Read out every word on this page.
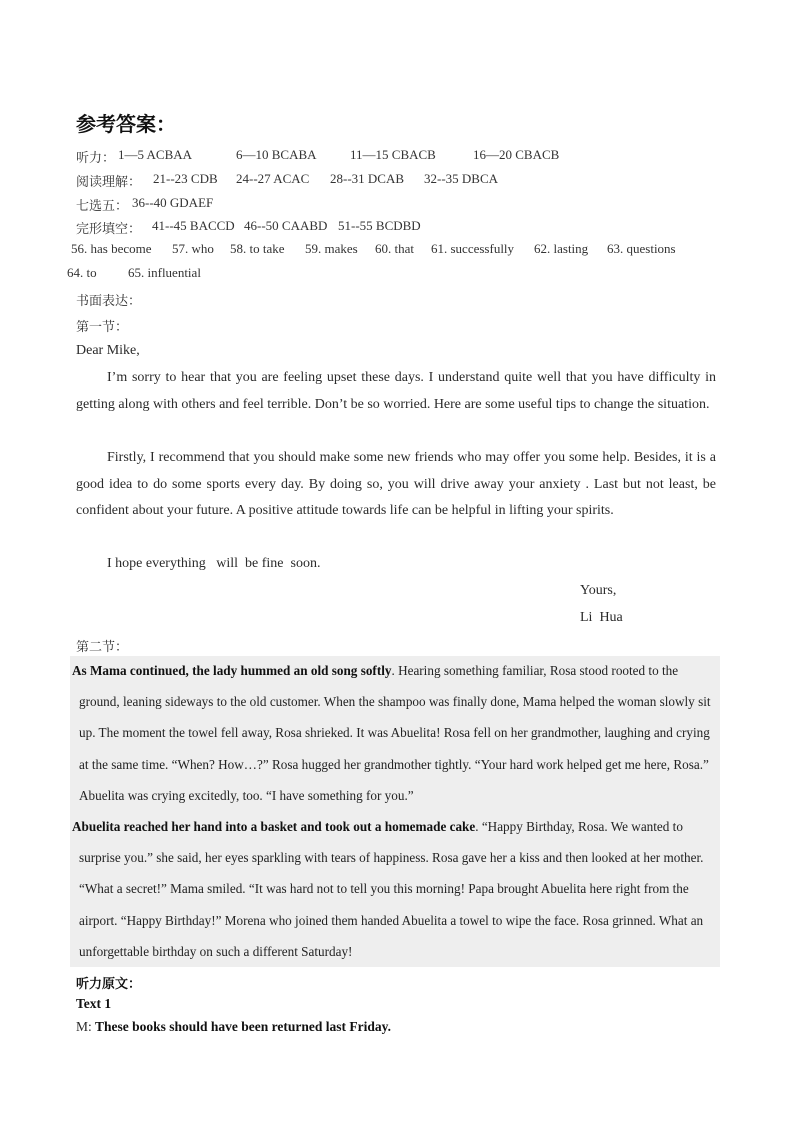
参考答案：
听力： 1—5 ACBAA	6—10 BCABA	11—15 CBACB	16—20 CBACB
阅读理解： 21--23 CDB 24--27 ACAC 28--31 DCAB 32--35 DBCA
七选五： 36--40 GDAEF
完形填空： 41--45 BACCD 46--50 CAABD 51--55 BCDBD
56. has become 57. who 58. to take 59. makes 60. that 61. successfully 62. lasting 63. questions
64. to 65. influential
书面表达：
第一节：
Dear Mike,
I’m sorry to hear that you are feeling upset these days. I understand quite well that you have difficulty in getting along with others and feel terrible. Don’t be so worried. Here are some useful tips to change the situation.
Firstly, I recommend that you should make some new friends who may offer you some help. Besides, it is a good idea to do some sports every day. By doing so, you will drive away your anxiety . Last but not least, be confident about your future. A positive attitude towards life can be helpful in lifting your spirits.
I hope everything   will  be fine  soon.
Yours,
Li  Hua
第二节：
As Mama continued, the lady hummed an old song softly. Hearing something familiar, Rosa stood rooted to the ground, leaning sideways to the old customer. When the shampoo was finally done, Mama helped the woman slowly sit up. The moment the towel fell away, Rosa shrieked. It was Abuelita! Rosa fell on her grandmother, laughing and crying at the same time. “When? How…?” Rosa hugged her grandmother tightly. “Your hard work helped get me here, Rosa.” Abuelita was crying excitedly, too. “I have something for you.”
Abuelita reached her hand into a basket and took out a homemade cake. “Happy Birthday, Rosa. We wanted to surprise you.” she said, her eyes sparkling with tears of happiness. Rosa gave her a kiss and then looked at her mother. “What a secret!” Mama smiled. “It was hard not to tell you this morning! Papa brought Abuelita here right from the airport. “Happy Birthday!” Morena who joined them handed Abuelita a towel to wipe the face. Rosa grinned. What an unforgettable birthday on such a different Saturday!
听力原文：
Text 1
M: These books should have been returned last Friday.
